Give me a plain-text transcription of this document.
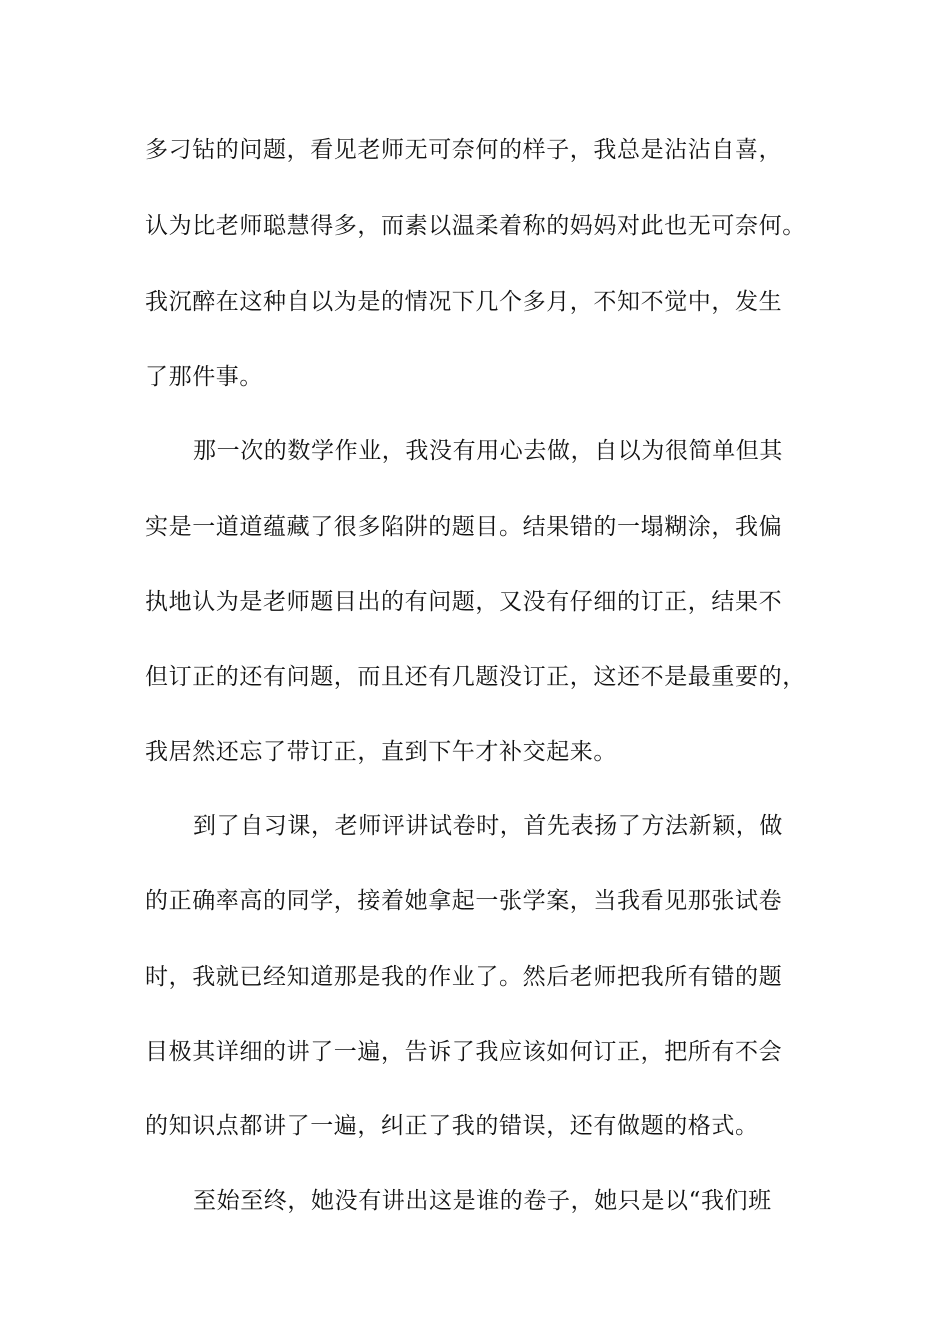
多刁钻的问题，看见老师无可奈何的样子，我总是沾沾自喜，
认为比老师聪慧得多，而素以温柔着称的妈妈对此也无可奈何。
我沉醉在这种自以为是的情况下几个多月，不知不觉中，发生
了那件事。
那一次的数学作业，我没有用心去做，自以为很简单但其
实是一道道蕴藏了很多陷阱的题目。结果错的一塌糊涂，我偏
执地认为是老师题目出的有问题，又没有仔细的订正，结果不
但订正的还有问题，而且还有几题没订正，这还不是最重要的，
我居然还忘了带订正，直到下午才补交起来。
到了自习课，老师评讲试卷时，首先表扬了方法新颖，做
的正确率高的同学，接着她拿起一张学案，当我看见那张试卷
时，我就已经知道那是我的作业了。然后老师把我所有错的题
目极其详细的讲了一遍，告诉了我应该如何订正，把所有不会
的知识点都讲了一遍，纠正了我的错误，还有做题的格式。
至始至终，她没有讲出这是谁的卷子，她只是以“我们班
